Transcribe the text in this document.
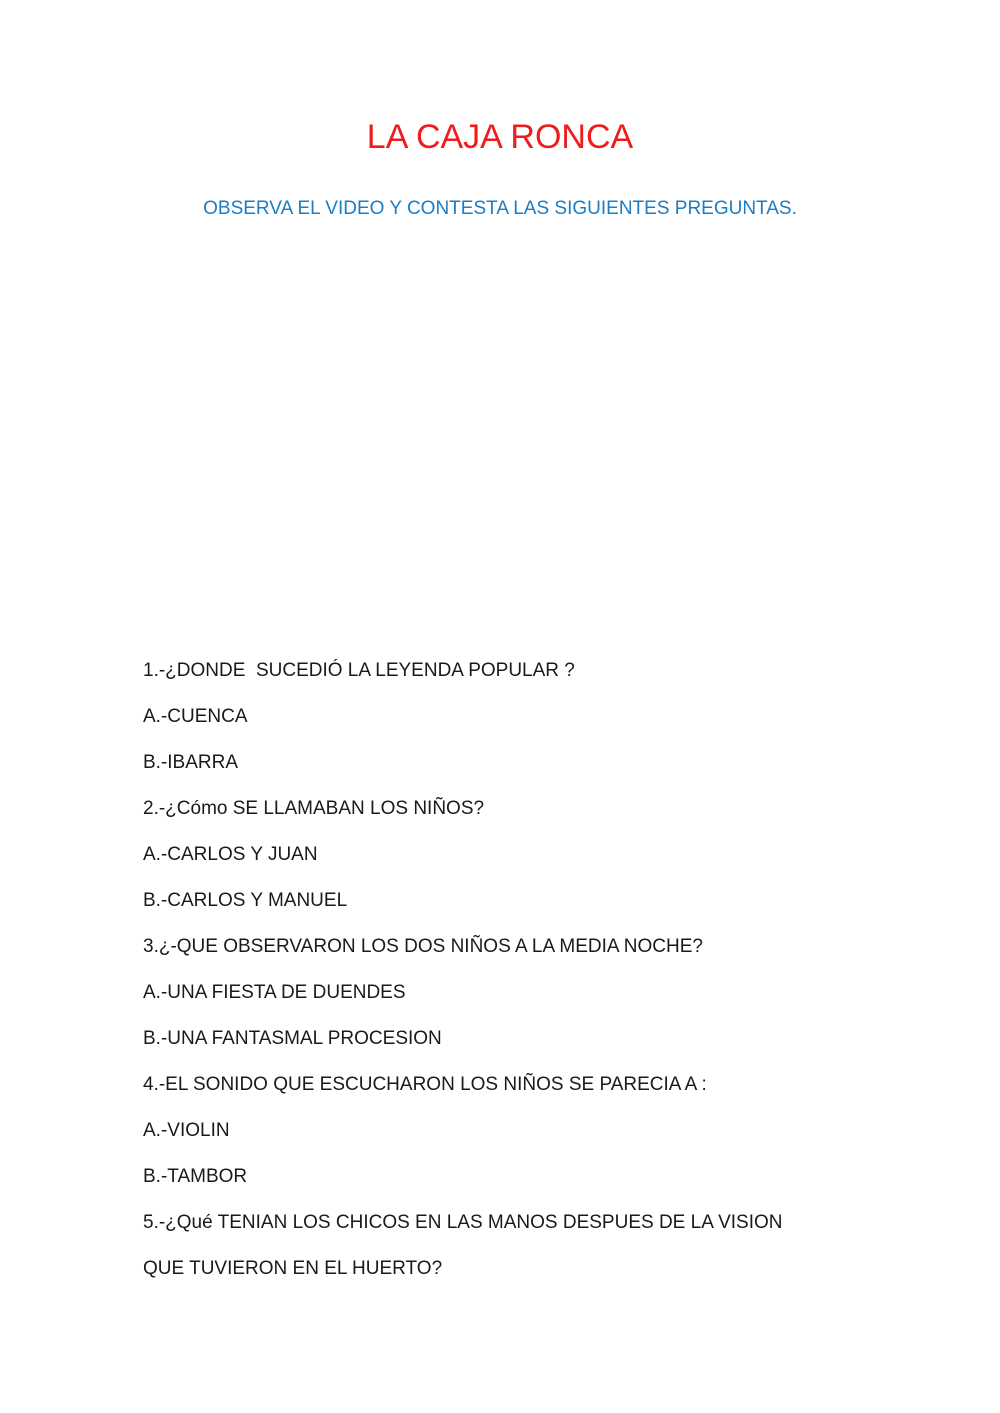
LA CAJA RONCA

OBSERVA EL VIDEO Y CONTESTA LAS SIGUIENTES PREGUNTAS.

1.-¿DONDE  SUCEDIÓ LA LEYENDA POPULAR ?
A.-CUENCA
B.-IBARRA
2.-¿Cómo SE LLAMABAN LOS NIÑOS?
A.-CARLOS Y JUAN
B.-CARLOS Y MANUEL
3.¿-QUE OBSERVARON LOS DOS NIÑOS A LA MEDIA NOCHE?
A.-UNA FIESTA DE DUENDES
B.-UNA FANTASMAL PROCESION
4.-EL SONIDO QUE ESCUCHARON LOS NIÑOS SE PARECIA A :
A.-VIOLIN
B.-TAMBOR
5.-¿Qué TENIAN LOS CHICOS EN LAS MANOS DESPUES DE LA VISION
QUE TUVIERON EN EL HUERTO?
